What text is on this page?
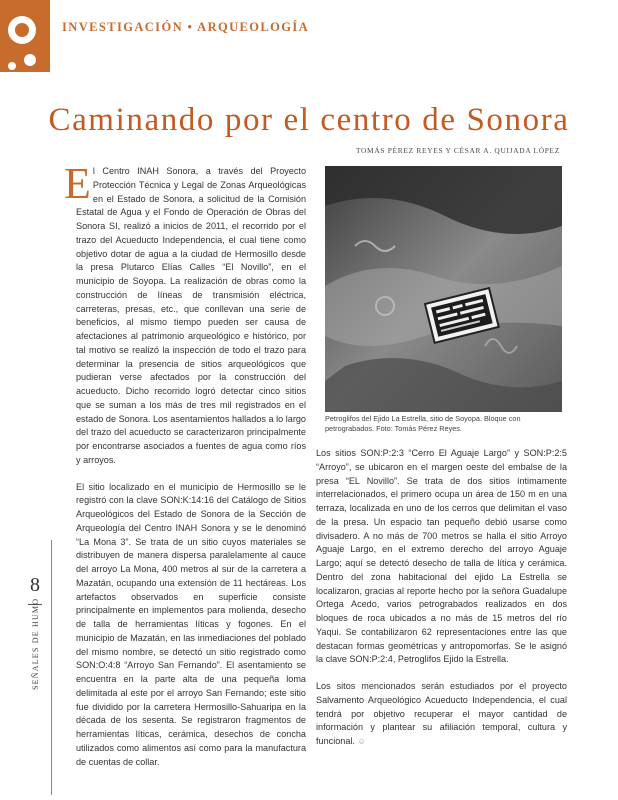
INVESTIGACIÓN • ARQUEOLOGÍA
Caminando por el centro de Sonora
TOMÁS PÉREZ REYES Y CÉSAR A. QUIJADA LÓPEZ

E l Centro INAH Sonora, a través del Proyecto Protección Técnica y Legal de Zonas Arqueológicas en el Estado de Sonora, a solicitud de la Comisión Estatal de Agua y el Fondo de Operación de Obras del Sonora SI, realizó a inicios de 2011, el recorrido por el trazo del Acueducto Independencia, el cual tiene como objetivo dotar de agua a la ciudad de Hermosillo desde la presa Plutarco Elías Calles “El Novillo”, en el municipio de Soyopa. La realización de obras como la construcción de líneas de transmisión eléctrica, carreteras, presas, etc., que conllevan una serie de beneficios, al mismo tiempo pueden ser causa de afectaciones al patrimonio arqueológico e histórico, por tal motivo se realizó la inspección de todo el trazo para determinar la presencia de sitios arqueológicos que pudieran verse afectados por la construcción del acueducto. Dicho recorrido logró detectar cinco sitios que se suman a los más de tres mil registrados en el estado de Sonora. Los asentamientos hallados a lo largo del trazo del acueducto se caracterizaron principalmente por encontrarse asociados a fuentes de agua como ríos y arroyos.

El sitio localizado en el municipio de Hermosillo se le registró con la clave SON:K:14:16 del Catálogo de Sitios Arqueológicos del Estado de Sonora de la Sección de Arqueología del Centro INAH Sonora y se le denominó “La Mona 3”. Se trata de un sitio cuyos materiales se distribuyen de manera dispersa paralelamente al cauce del arroyo La Mona, 400 metros al sur de la carretera a Mazatán, ocupando una extensión de 11 hectáreas. Los artefactos observados en superficie consiste principalmente en implementos para molienda, desecho de talla de herramientas líticas y fogones. En el municipio de Mazatán, en las inmediaciones del poblado del mismo nombre, se detectó un sitio registrado como SON:O:4:8 “Arroyo San Fernando”. El asentamiento se encuentra en la parte alta de una pequeña loma delimitada al este por el arroyo San Fernando; este sitio fue dividido por la carretera Hermosillo-Sahuaripa en la década de los sesenta. Se registraron fragmentos de herramientas líticas, cerámica, desechos de concha utilizados como alimentos así como para la manufactura de cuentas de collar.

Petroglifos del Ejido La Estrella, sitio de Soyopa. Bloque con petrograbados. Foto: Tomás Pérez Reyes.

Los sitios SON:P:2:3 “Cerro El Aguaje Largo” y SON:P:2:5 “Arroyo”, se ubicaron en el margen oeste del embalse de la presa “EL Novillo”. Se trata de dos sitios íntimamente interrelacionados, el primero ocupa un área de 150 m en una terraza, localizada en uno de los cerros que delimitan el vaso de la presa. Un espacio tan pequeño debió usarse como divisadero. A no más de 700 metros se halla el sitio Arroyo Aguaje Largo, en el extremo derecho del arroyo Aguaje Largo; aquí se detectó desecho de talla de lítica y cerámica. Dentro del zona habitacional del ejido La Estrella se localizaron, gracias al reporte hecho por la señora Guadalupe Ortega Acedo, varios petrograbados realizados en dos bloques de roca ubicados a no más de 15 metros del río Yaqui. Se contabilizaron 62 representaciones entre las que destacan formas geométricas y antropomorfas. Se le asignó la clave SON:P:2:4, Petroglifos Ejido la Estrella.

Los sitos mencionados serán estudiados por el proyecto Salvamento Arqueológico Acueducto Independencia, el cual tendrá por objetivo recuperar el mayor cantidad de información y plantear su afiliación temporal, cultura y funcional. ☺

8
SEÑALES DE HUMO
